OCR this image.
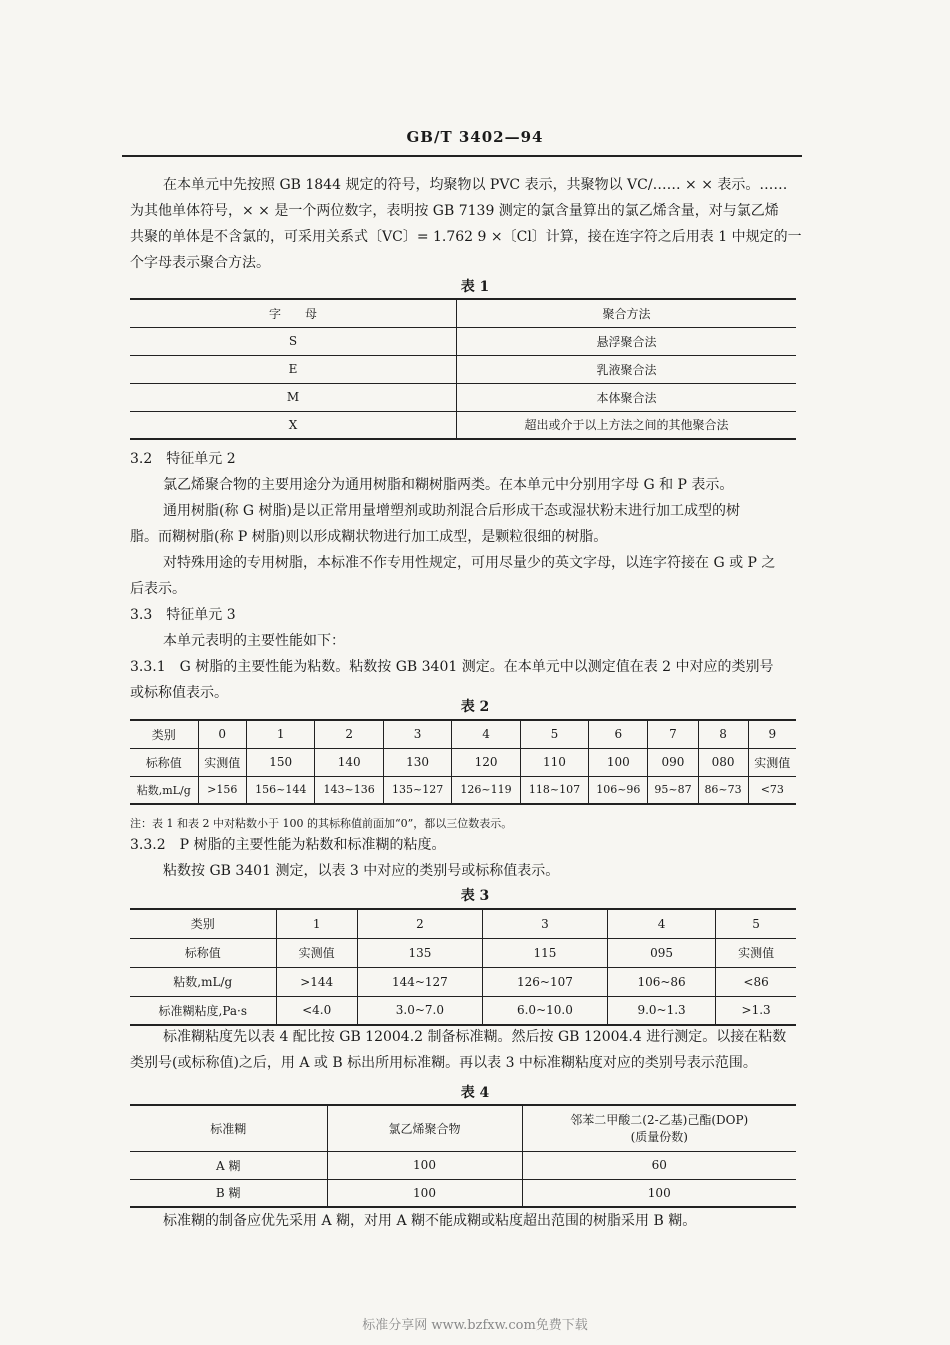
GB/T 3402—94
在本单元中先按照 GB 1844 规定的符号，均聚物以 PVC 表示，共聚物以 VC/…… × × 表示。……
为其他单体符号，× × 是一个两位数字，表明按 GB 7139 测定的氯含量算出的氯乙烯含量，对与氯乙烯
共聚的单体是不含氯的，可采用关系式〔VC〕= 1.762 9 ×〔Cl〕计算，接在连字符之后用表 1 中规定的一
个字母表示聚合方法。
表 1
字　　母	聚合方法
S	悬浮聚合法
E	乳液聚合法
M	本体聚合法
X	超出或介于以上方法之间的其他聚合法
3.2　特征单元 2
氯乙烯聚合物的主要用途分为通用树脂和糊树脂两类。在本单元中分别用字母 G 和 P 表示。
通用树脂(称 G 树脂)是以正常用量增塑剂或助剂混合后形成干态或湿状粉末进行加工成型的树
脂。而糊树脂(称 P 树脂)则以形成糊状物进行加工成型，是颗粒很细的树脂。
对特殊用途的专用树脂，本标准不作专用性规定，可用尽量少的英文字母，以连字符接在 G 或 P 之
后表示。
3.3　特征单元 3
本单元表明的主要性能如下：
3.3.1　G 树脂的主要性能为粘数。粘数按 GB 3401 测定。在本单元中以测定值在表 2 中对应的类别号
或标称值表示。
表 2
类别	0	1	2	3	4	5	6	7	8	9
标称值	实测值	150	140	130	120	110	100	090	080	实测值
粘数,mL/g	>156	156~144	143~136	135~127	126~119	118~107	106~96	95~87	86~73	<73
注：表 1 和表 2 中对粘数小于 100 的其标称值前面加“0”，都以三位数表示。
3.3.2　P 树脂的主要性能为粘数和标准糊的粘度。
粘数按 GB 3401 测定，以表 3 中对应的类别号或标称值表示。
表 3
类别	1	2	3	4	5
标称值	实测值	135	115	095	实测值
粘数,mL/g	>144	144~127	126~107	106~86	<86
标准糊粘度,Pa·s	<4.0	3.0~7.0	6.0~10.0	9.0~1.3	>1.3
标准糊粘度先以表 4 配比按 GB 12004.2 制备标准糊。然后按 GB 12004.4 进行测定。以接在粘数
类别号(或标称值)之后，用 A 或 B 标出所用标准糊。再以表 3 中标准糊粘度对应的类别号表示范围。
表 4
标准糊	氯乙烯聚合物	邻苯二甲酸二(2-乙基)己酯(DOP)
(质量份数)

A 糊	100	60
B 糊	100	100
标准糊的制备应优先采用 A 糊，对用 A 糊不能成糊或粘度超出范围的树脂采用 B 糊。
标准分享网 www.bzfxw.com免费下载
